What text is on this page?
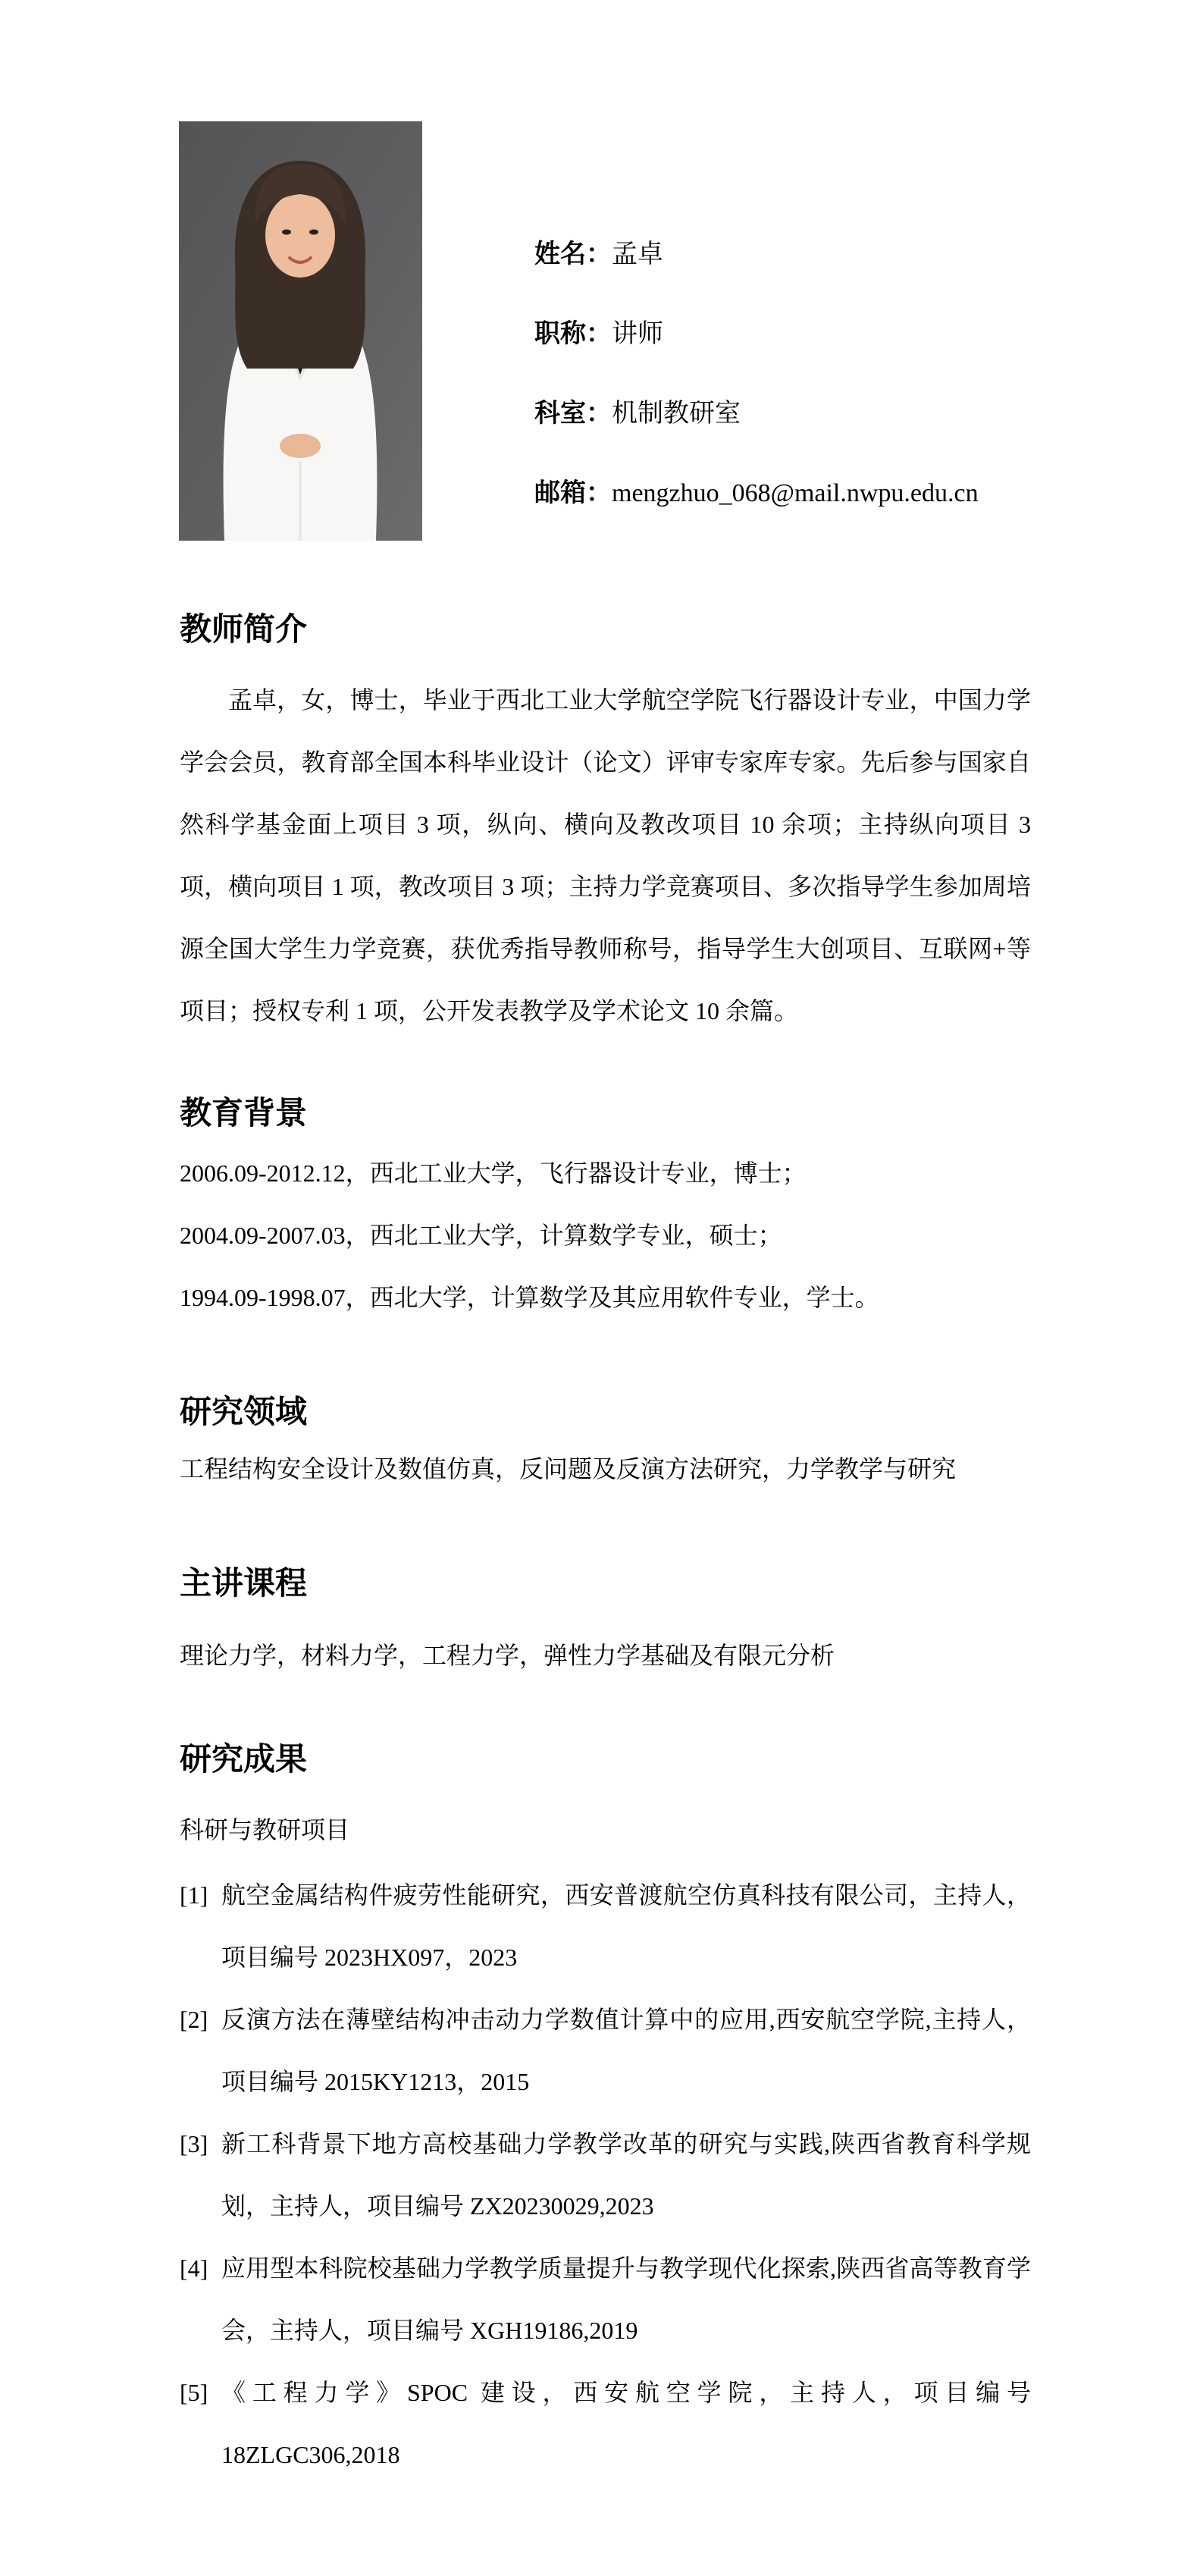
姓名：孟卓
职称：讲师
科室：机制教研室
邮箱：mengzhuo_068@mail.nwpu.edu.cn
教师简介

孟卓，女，博士，毕业于西北工业大学航空学院飞行器设计专业，中国力学学会会员，教育部全国本科毕业设计（论文）评审专家库专家。先后参与国家自然科学基金面上项目 3 项，纵向、横向及教改项目 10 余项；主持纵向项目 3 项，横向项目 1 项，教改项目 3 项；主持力学竞赛项目、多次指导学生参加周培源全国大学生力学竞赛，获优秀指导教师称号，指导学生大创项目、互联网+等项目；授权专利 1 项，公开发表教学及学术论文 10 余篇。

教育背景
2006.09-2012.12，西北工业大学，飞行器设计专业，博士；
2004.09-2007.03，西北工业大学，计算数学专业，硕士；
1994.09-1998.07，西北大学，计算数学及其应用软件专业，学士。
研究领域
工程结构安全设计及数值仿真，反问题及反演方法研究，力学教学与研究
主讲课程
理论力学，材料力学，工程力学，弹性力学基础及有限元分析
研究成果
科研与教研项目
[1] 航空金属结构件疲劳性能研究，西安普渡航空仿真科技有限公司，主持人，项目编号 2023HX097，2023
[2] 反演方法在薄壁结构冲击动力学数值计算中的应用,西安航空学院,主持人，项目编号 2015KY1213，2015
[3] 新工科背景下地方高校基础力学教学改革的研究与实践,陕西省教育科学规划，主持人，项目编号 ZX20230029,2023
[4] 应用型本科院校基础力学教学质量提升与教学现代化探索,陕西省高等教育学会，主持人，项目编号 XGH19186,2019
[5] 《工程力学》SPOC 建设，西安航空学院，主持人，项目编号 18ZLGC306,2018
